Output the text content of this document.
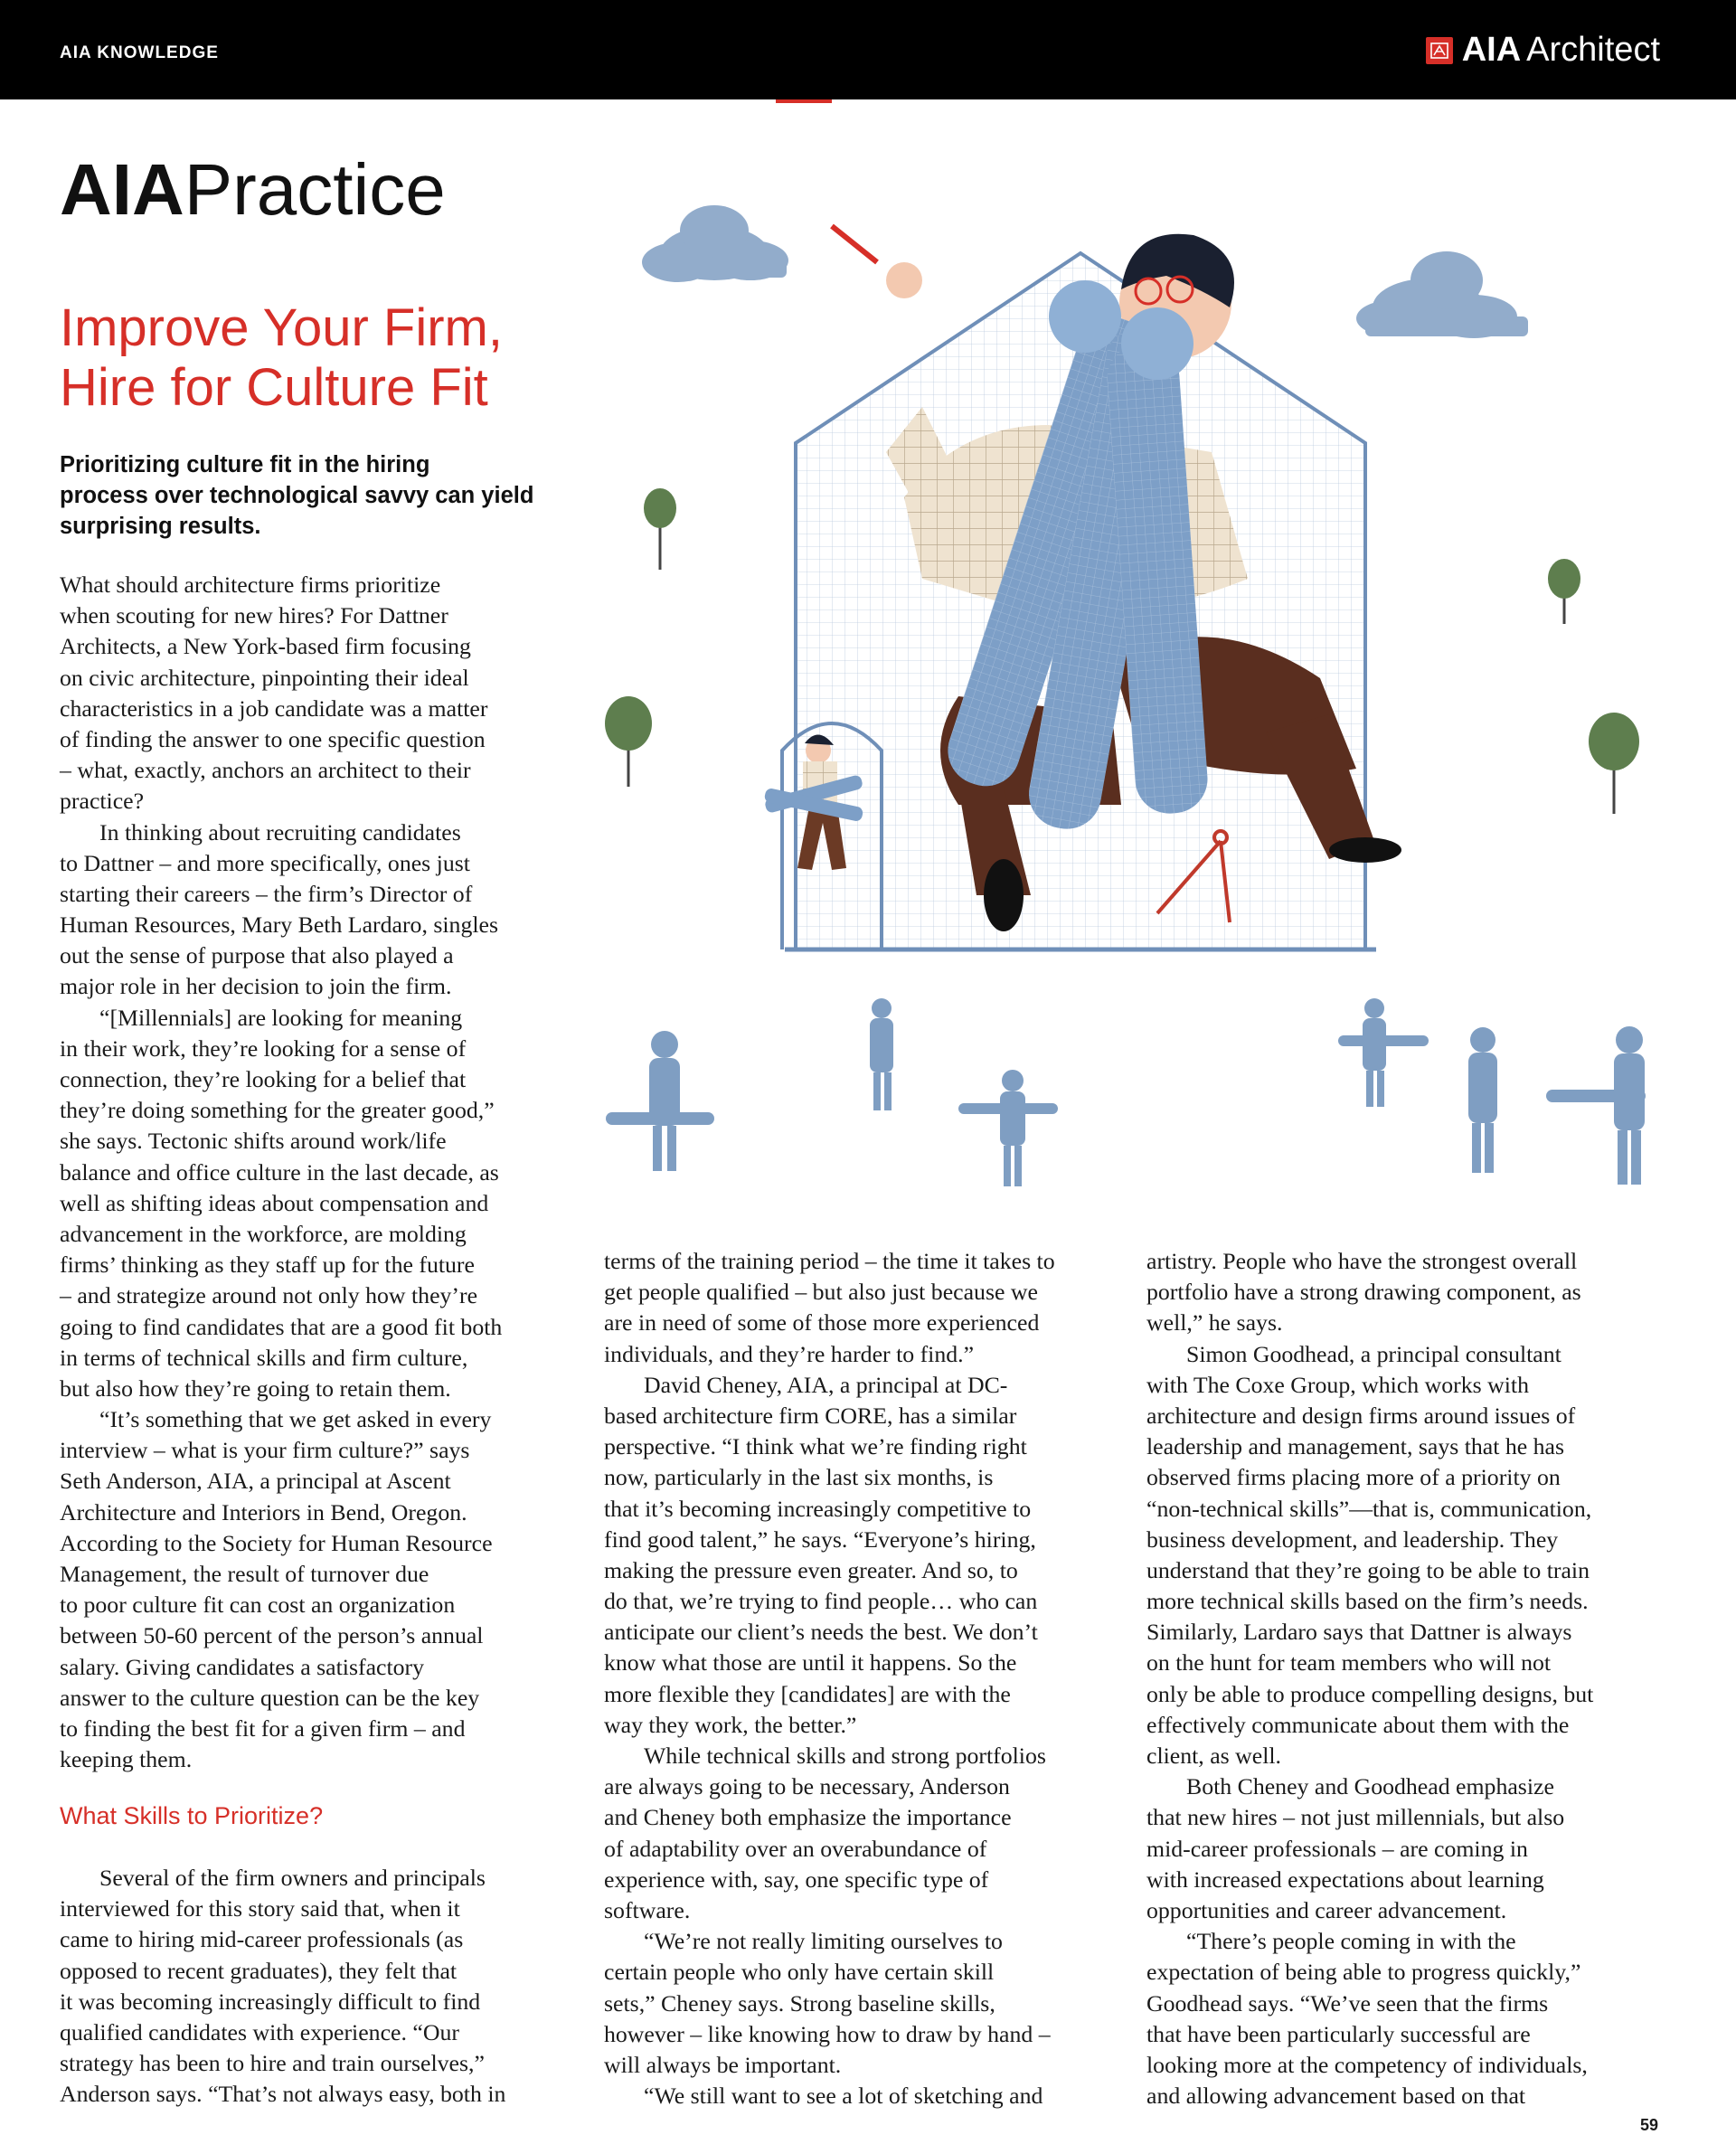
AIA KNOWLEDGE	AIA Architect
AIAPractice
Improve Your Firm,
Hire for Culture Fit
Prioritizing culture fit in the hiring
process over technological savvy can yield
surprising results.
What should architecture firms prioritize
when scouting for new hires? For Dattner
Architects, a New York-based firm focusing
on civic architecture, pinpointing their ideal
characteristics in a job candidate was a matter
of finding the answer to one specific question
– what, exactly, anchors an architect to their
practice?
In thinking about recruiting candidates
to Dattner – and more specifically, ones just
starting their careers – the firm’s Director of
Human Resources, Mary Beth Lardaro, singles
out the sense of purpose that also played a
major role in her decision to join the firm.
“[Millennials] are looking for meaning
in their work, they’re looking for a sense of
connection, they’re looking for a belief that
they’re doing something for the greater good,”
she says. Tectonic shifts around work/life
balance and office culture in the last decade, as
well as shifting ideas about compensation and
advancement in the workforce, are molding
firms’ thinking as they staff up for the future
– and strategize around not only how they’re
going to find candidates that are a good fit both
in terms of technical skills and firm culture,
but also how they’re going to retain them.
“It’s something that we get asked in every
interview – what is your firm culture?” says
Seth Anderson, AIA, a principal at Ascent
Architecture and Interiors in Bend, Oregon.
According to the Society for Human Resource
Management, the result of turnover due
to poor culture fit can cost an organization
between 50-60 percent of the person’s annual
salary. Giving candidates a satisfactory
answer to the culture question can be the key
to finding the best fit for a given firm – and
keeping them.
What Skills to Prioritize?
Several of the firm owners and principals
interviewed for this story said that, when it
came to hiring mid-career professionals (as
opposed to recent graduates), they felt that
it was becoming increasingly difficult to find
qualified candidates with experience. “Our
strategy has been to hire and train ourselves,”
Anderson says. “That’s not always easy, both in
terms of the training period – the time it takes to
get people qualified – but also just because we
are in need of some of those more experienced
individuals, and they’re harder to find.”
David Cheney, AIA, a principal at DC-
based architecture firm CORE, has a similar
perspective. “I think what we’re finding right
now, particularly in the last six months, is
that it’s becoming increasingly competitive to
find good talent,” he says. “Everyone’s hiring,
making the pressure even greater. And so, to
do that, we’re trying to find people… who can
anticipate our client’s needs the best. We don’t
know what those are until it happens. So the
more flexible they [candidates] are with the
way they work, the better.”
While technical skills and strong portfolios
are always going to be necessary, Anderson
and Cheney both emphasize the importance
of adaptability over an overabundance of
experience with, say, one specific type of
software.
“We’re not really limiting ourselves to
certain people who only have certain skill
sets,” Cheney says. Strong baseline skills,
however – like knowing how to draw by hand –
will always be important.
“We still want to see a lot of sketching and
artistry. People who have the strongest overall
portfolio have a strong drawing component, as
well,” he says.
Simon Goodhead, a principal consultant
with The Coxe Group, which works with
architecture and design firms around issues of
leadership and management, says that he has
observed firms placing more of a priority on
“non-technical skills”—that is, communication,
business development, and leadership. They
understand that they’re going to be able to train
more technical skills based on the firm’s needs.
Similarly, Lardaro says that Dattner is always
on the hunt for team members who will not
only be able to produce compelling designs, but
effectively communicate about them with the
client, as well.
Both Cheney and Goodhead emphasize
that new hires – not just millennials, but also
mid-career professionals – are coming in
with increased expectations about learning
opportunities and career advancement.
“There’s people coming in with the
expectation of being able to progress quickly,”
Goodhead says. “We’ve seen that the firms
that have been particularly successful are
looking more at the competency of individuals,
and allowing advancement based on that
59
